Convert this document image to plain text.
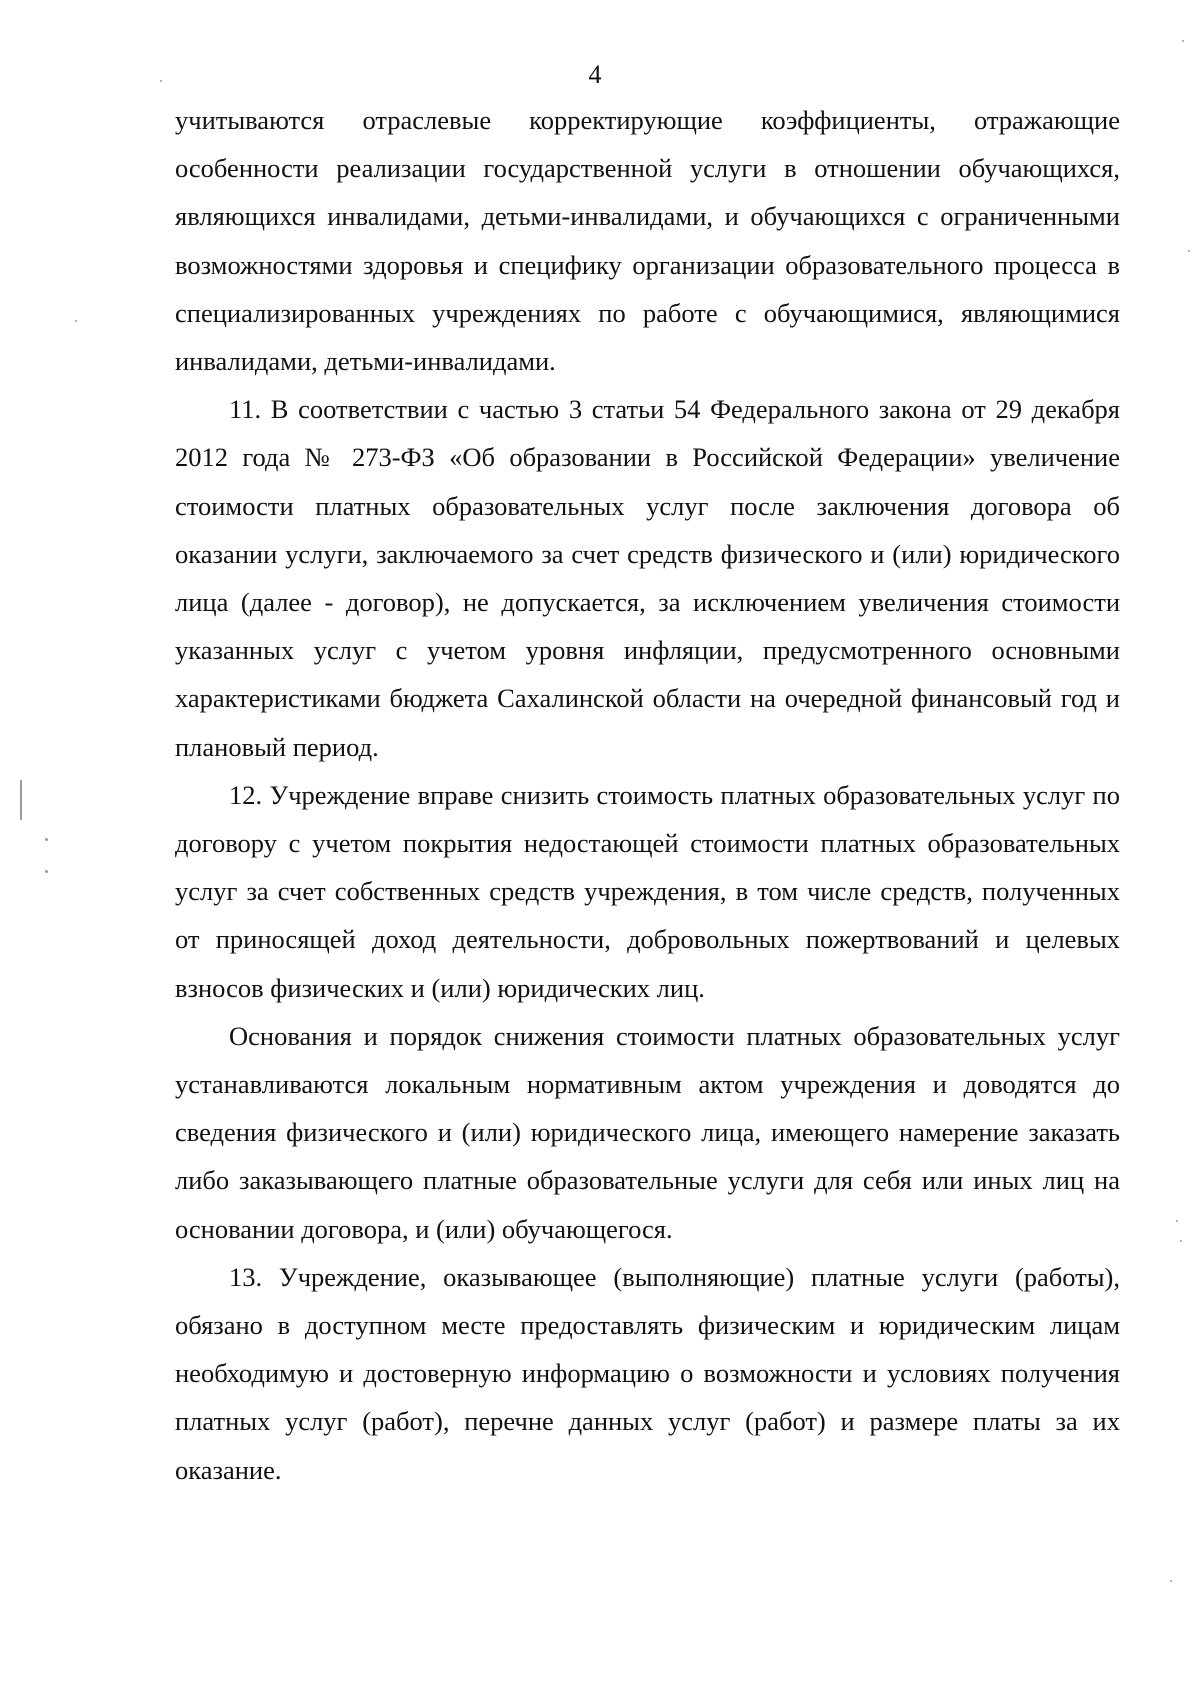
4

учитываются отраслевые корректирующие коэффициенты, отражающие особенности реализации государственной услуги в отношении обучающихся, являющихся инвалидами, детьми-инвалидами, и обучающихся с ограниченными возможностями здоровья и специфику организации образовательного процесса в специализированных учреждениях по работе с обучающимися, являющимися инвалидами, детьми-инвалидами.

11. В соответствии с частью 3 статьи 54 Федерального закона от 29 декабря 2012 года № 273-ФЗ «Об образовании в Российской Федерации» увеличение стоимости платных образовательных услуг после заключения договора об оказании услуги, заключаемого за счет средств физического и (или) юридического лица (далее - договор), не допускается, за исключением увеличения стоимости указанных услуг с учетом уровня инфляции, предусмотренного основными характеристиками бюджета Сахалинской области на очередной финансовый год и плановый период.

12. Учреждение вправе снизить стоимость платных образовательных услуг по договору с учетом покрытия недостающей стоимости платных образовательных услуг за счет собственных средств учреждения, в том числе средств, полученных от приносящей доход деятельности, добровольных пожертвований и целевых взносов физических и (или) юридических лиц.

Основания и порядок снижения стоимости платных образовательных услуг устанавливаются локальным нормативным актом учреждения и доводятся до сведения физического и (или) юридического лица, имеющего намерение заказать либо заказывающего платные образовательные услуги для себя или иных лиц на основании договора, и (или) обучающегося.

13. Учреждение, оказывающее (выполняющие) платные услуги (работы), обязано в доступном месте предоставлять физическим и юридическим лицам необходимую и достоверную информацию о возможности и условиях получения платных услуг (работ), перечне данных услуг (работ) и размере платы за их оказание.
